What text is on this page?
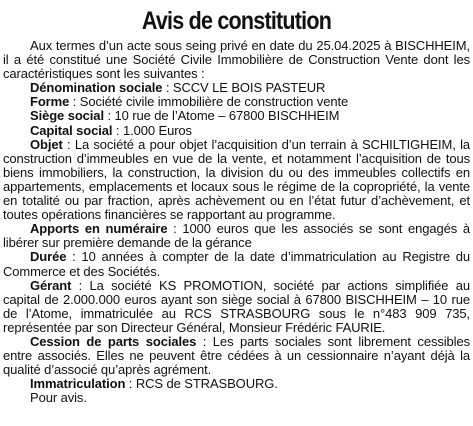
Avis de constitution

Aux termes d’un acte sous seing privé en date du 25.04.2025 à BISCHHEIM, il a été constitué une Société Civile Immobilière de Construction Vente dont les caractéristiques sont les suivantes :

Dénomination sociale : SCCV LE BOIS PASTEUR

Forme : Société civile immobilière de construction vente

Siège social : 10 rue de l’Atome – 67800 BISCHHEIM

Capital social : 1.000 Euros

Objet : La société a pour objet l’acquisition d’un terrain à SCHILTIGHEIM, la construction d’immeubles en vue de la vente, et notamment l’acquisition de tous biens immobiliers, la construction, la division du ou des immeubles collectifs en appartements, emplacements et locaux sous le régime de la copropriété, la vente en totalité ou par fraction, après achèvement ou en l’état futur d’achèvement, et toutes opérations financières se rapportant au programme.

Apports en numéraire : 1000 euros que les associés se sont engagés à libérer sur première demande de la gérance

Durée : 10 années à compter de la date d’immatriculation au Registre du Commerce et des Sociétés.

Gérant : La société KS PROMOTION, société par actions simplifiée au capital de 2.000.000 euros ayant son siège social à 67800 BISCHHEIM – 10 rue de l’Atome, immatriculée au RCS STRASBOURG sous le n°483 909 735, représentée par son Directeur Général, Monsieur Frédéric FAURIE.

Cession de parts sociales : Les parts sociales sont librement cessibles entre associés. Elles ne peuvent être cédées à un cessionnaire n’ayant déjà la qualité d’associé qu’après agrément.

Immatriculation : RCS de STRASBOURG.

Pour avis.
